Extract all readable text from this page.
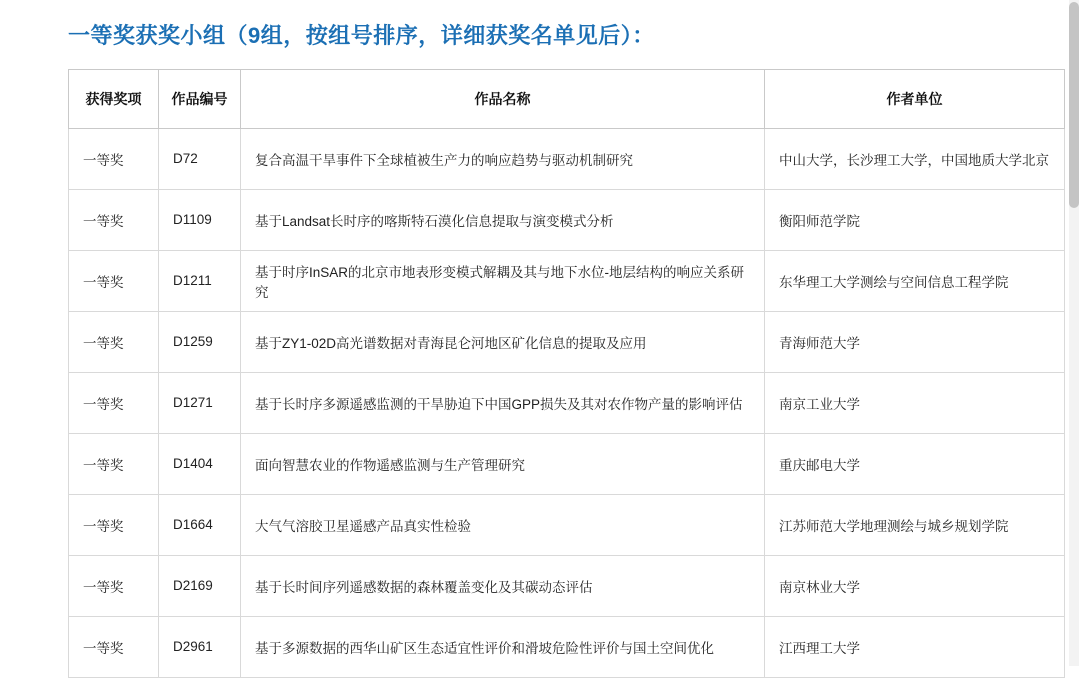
一等奖获奖小组（9组，按组号排序，详细获奖名单见后）：
获得奖项	作品编号	作品名称	作者单位
一等奖	D72	复合高温干旱事件下全球植被生产力的响应趋势与驱动机制研究	中山大学，长沙理工大学，中国地质大学北京
一等奖	D1109	基于Landsat长时序的喀斯特石漠化信息提取与演变模式分析	衡阳师范学院
一等奖	D1211	基于时序InSAR的北京市地表形变模式解耦及其与地下水位-地层结构的响应关系研究	东华理工大学测绘与空间信息工程学院
一等奖	D1259	基于ZY1-02D高光谱数据对青海昆仑河地区矿化信息的提取及应用	青海师范大学
一等奖	D1271	基于长时序多源遥感监测的干旱胁迫下中国GPP损失及其对农作物产量的影响评估	南京工业大学
一等奖	D1404	面向智慧农业的作物遥感监测与生产管理研究	重庆邮电大学
一等奖	D1664	大气气溶胶卫星遥感产品真实性检验	江苏师范大学地理测绘与城乡规划学院
一等奖	D2169	基于长时间序列遥感数据的森林覆盖变化及其碳动态评估	南京林业大学
一等奖	D2961	基于多源数据的西华山矿区生态适宜性评价和滑坡危险性评价与国土空间优化	江西理工大学
